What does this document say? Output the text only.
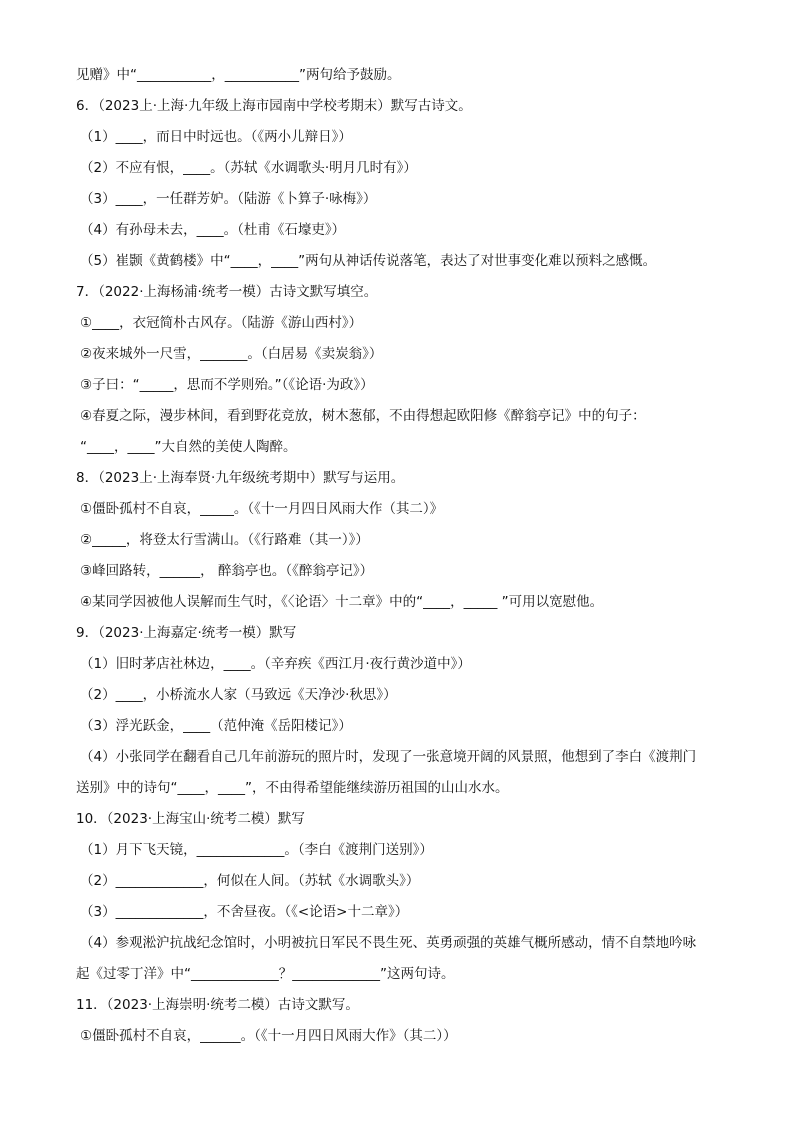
见赠》中“___________，___________”两句给予鼓励。
6．（2023上·上海·九年级上海市园南中学校考期末）默写古诗文。
（1）____，而日中时远也。（《两小儿辩日》）
（2）不应有恨，____。（苏轼《水调歌头·明月几时有》）
（3）____，一任群芳妒。（陆游《卜算子·咏梅》）
（4）有孙母未去，____。（杜甫《石壕吏》）
（5）崔颢《黄鹤楼》中“____，____”两句从神话传说落笔，表达了对世事变化难以预料之感慨。
7．（2022·上海杨浦·统考一模）古诗文默写填空。
①____，衣冠简朴古风存。（陆游《游山西村》）
②夜来城外一尺雪，_______。（白居易《卖炭翁》）
③子曰：“_____，思而不学则殆。”（《论语·为政》）
④春夏之际，漫步林间，看到野花竞放，树木葱郁，不由得想起欧阳修《醉翁亭记》中的句子：
“____，____”大自然的美使人陶醉。
8．（2023上·上海奉贤·九年级统考期中）默写与运用。
①僵卧孤村不自哀，_____。（《十一月四日风雨大作（其二）》
②_____，将登太行雪满山。（《行路难（其一）》）
③峰回路转，______， 醉翁亭也。（《醉翁亭记》）
④某同学因被他人误解而生气时，《〈论语〉十二章》中的“____，_____ ”可用以宽慰他。
9．（2023·上海嘉定·统考一模）默写
（1）旧时茅店社林边，____。（辛弃疾《西江月·夜行黄沙道中》）
（2）____，小桥流水人家（马致远《天净沙·秋思》）
（3）浮光跃金，____（范仲淹《岳阳楼记》）
（4）小张同学在翻看自己几年前游玩的照片时，发现了一张意境开阔的风景照，他想到了李白《渡荆门
送别》中的诗句“____，____”，不由得希望能继续游历祖国的山山水水。
10．（2023·上海宝山·统考二模）默写
（1）月下飞天镜，_____________。（李白《渡荆门送别》）
（2）_____________，何似在人间。（苏轼《水调歌头》）
（3）_____________，不舍昼夜。（《<论语>十二章》）
（4）参观淞沪抗战纪念馆时，小明被抗日军民不畏生死、英勇顽强的英雄气概所感动，情不自禁地吟咏
起《过零丁洋》中“_____________？_____________”这两句诗。
11．（2023·上海崇明·统考二模）古诗文默写。
①僵卧孤村不自哀，______。（《十一月四日风雨大作》（其二））
